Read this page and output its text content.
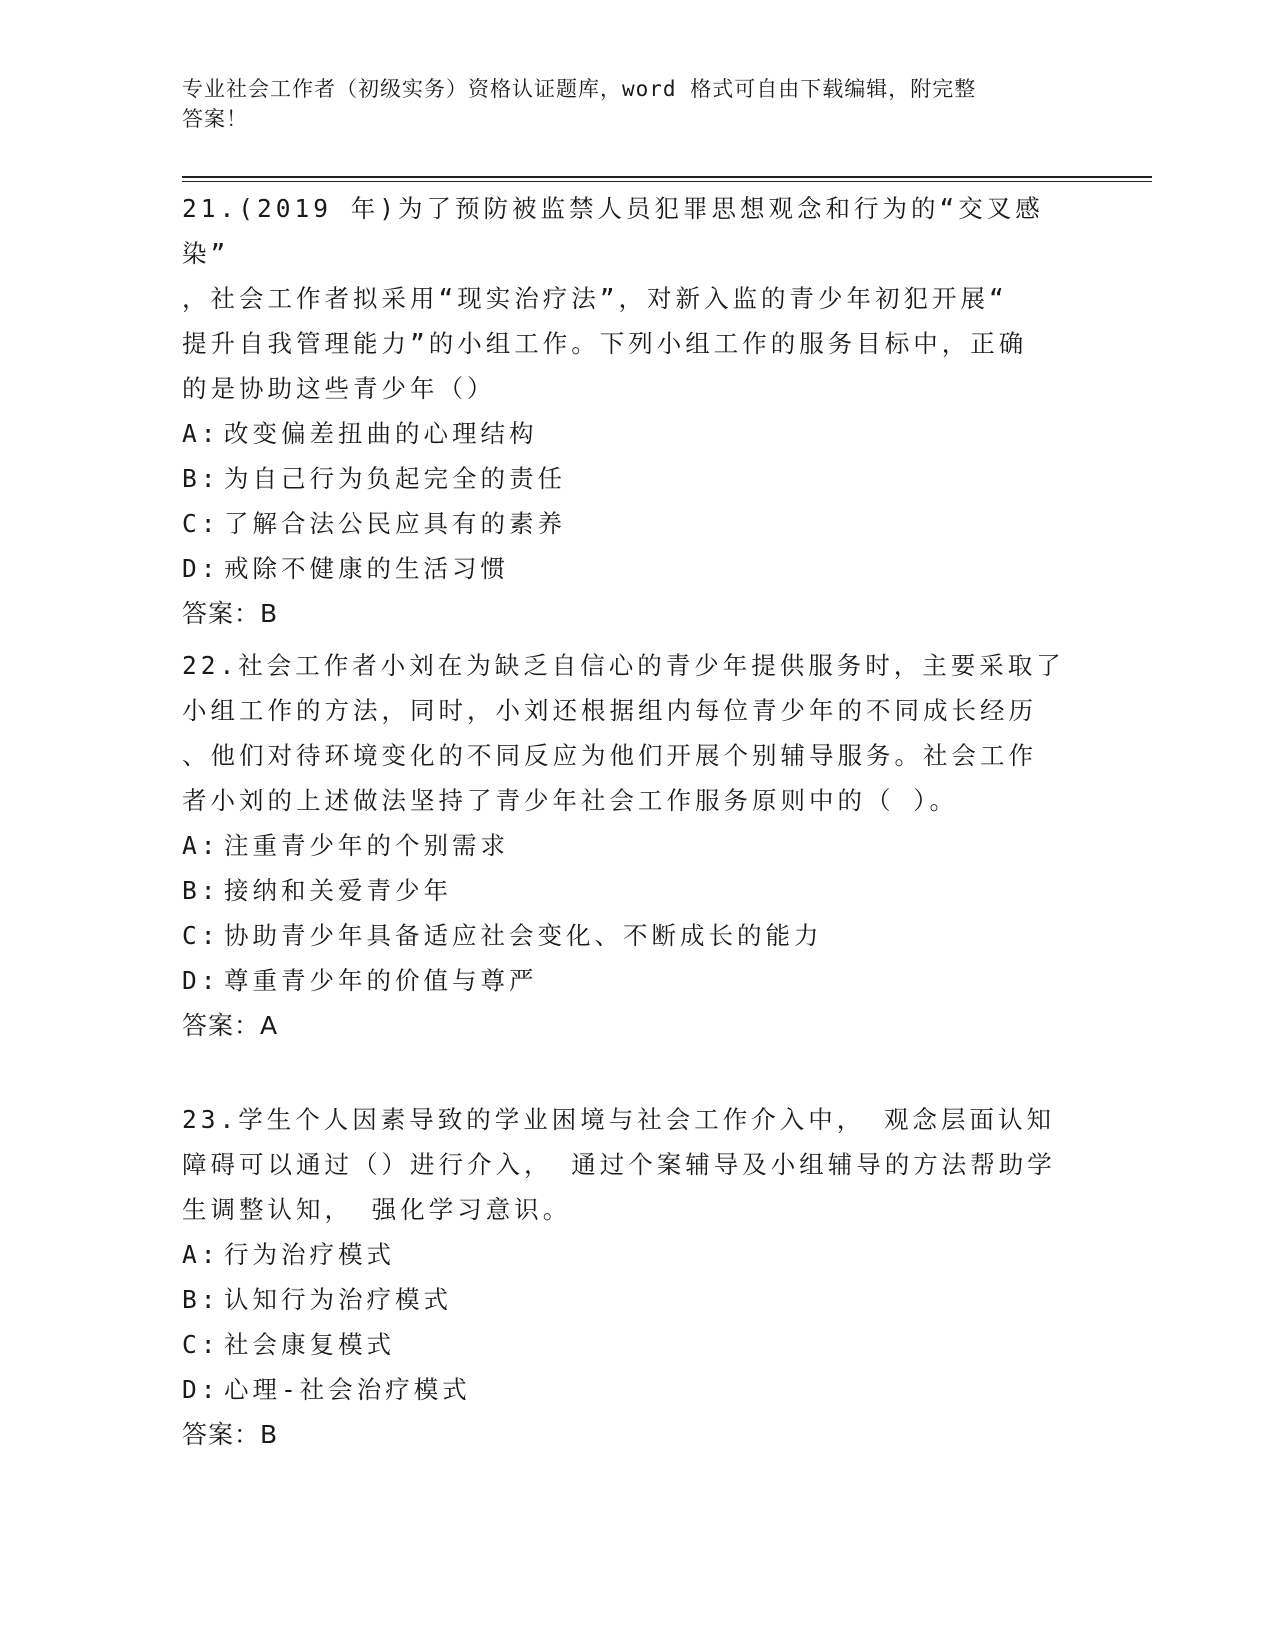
专业社会工作者（初级实务）资格认证题库，word 格式可自由下载编辑，附完整
答案！

21.(2019 年)为了预防被监禁人员犯罪思想观念和行为的“交叉感染”

，社会工作者拟采用“现实治疗法”，对新入监的青少年初犯开展“

提升自我管理能力”的小组工作。下列小组工作的服务目标中，正确

的是协助这些青少年（）

A: 改变偏差扭曲的心理结构

B: 为自己行为负起完全的责任

C: 了解合法公民应具有的素养

D: 戒除不健康的生活习惯

答案：B

22.社会工作者小刘在为缺乏自信心的青少年提供服务时，主要采取了

小组工作的方法，同时，小刘还根据组内每位青少年的不同成长经历

、他们对待环境变化的不同反应为他们开展个别辅导服务。社会工作

者小刘的上述做法坚持了青少年社会工作服务原则中的（ ）。

A: 注重青少年的个别需求

B: 接纳和关爱青少年

C: 协助青少年具备适应社会变化、不断成长的能力

D: 尊重青少年的价值与尊严

答案：A

23.学生个人因素导致的学业困境与社会工作介入中， 观念层面认知

障碍可以通过（）进行介入， 通过个案辅导及小组辅导的方法帮助学

生调整认知， 强化学习意识。

A: 行为治疗模式

B: 认知行为治疗模式

C: 社会康复模式

D: 心理-社会治疗模式

答案：B
